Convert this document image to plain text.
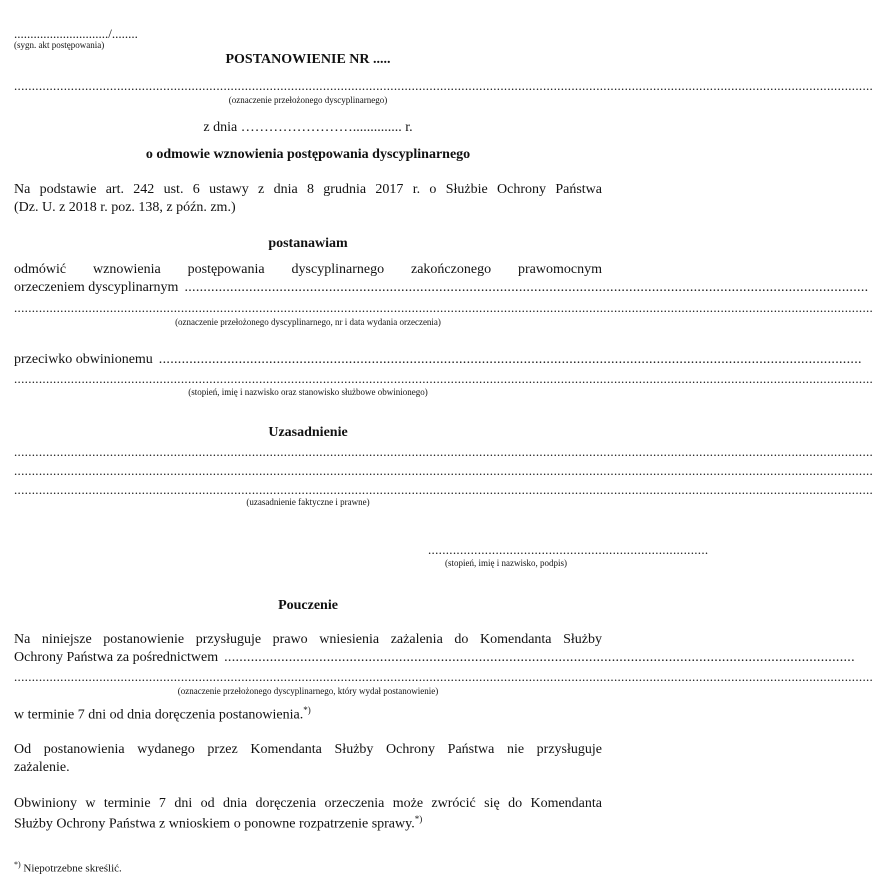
............................./........
(sygn. akt postępowania)
POSTANOWIENIE NR .....
..................................................................................................................................................................................................................................................
(oznaczenie przełożonego dyscyplinarnego)
z dnia …………………….............. r.
o odmowie wznowienia postępowania dyscyplinarnego
Na podstawie art. 242 ust. 6 ustawy z dnia 8 grudnia 2017 r. o Służbie Ochrony Państwa
(Dz. U. z 2018 r. poz. 138, z późn. zm.)
postanawiam
odmówić wznowienia postępowania dyscyplinarnego zakończonego prawomocnym
orzeczeniem dyscyplinarnym ....................................................................................................................................................................................
..................................................................................................................................................................................................................................................
(oznaczenie przełożonego dyscyplinarnego, nr i data wydania orzeczenia)
przeciwko obwinionemu .........................................................................................................................................................................................
..................................................................................................................................................................................................................................................
(stopień, imię i nazwisko oraz stanowisko służbowe obwinionego)
Uzasadnienie
..................................................................................................................................................................................................................................................
..................................................................................................................................................................................................................................................
..................................................................................................................................................................................................................................................
(uzasadnienie faktyczne i prawne)
...............................................................................
(stopień, imię i nazwisko, podpis)
Pouczenie
Na niniejsze postanowienie przysługuje prawo wniesienia zażalenia do Komendanta Służby
Ochrony Państwa za pośrednictwem ......................................................................................................................................................................
..................................................................................................................................................................................................................................................
(oznaczenie przełożonego dyscyplinarnego, który wydał postanowienie)
w terminie 7 dni od dnia doręczenia postanowienia.*)
Od postanowienia wydanego przez Komendanta Służby Ochrony Państwa nie przysługuje
zażalenie.
Obwiniony w terminie 7 dni od dnia doręczenia orzeczenia może zwrócić się do Komendanta
Służby Ochrony Państwa z wnioskiem o ponowne rozpatrzenie sprawy.*)
*) Niepotrzebne skreślić.
